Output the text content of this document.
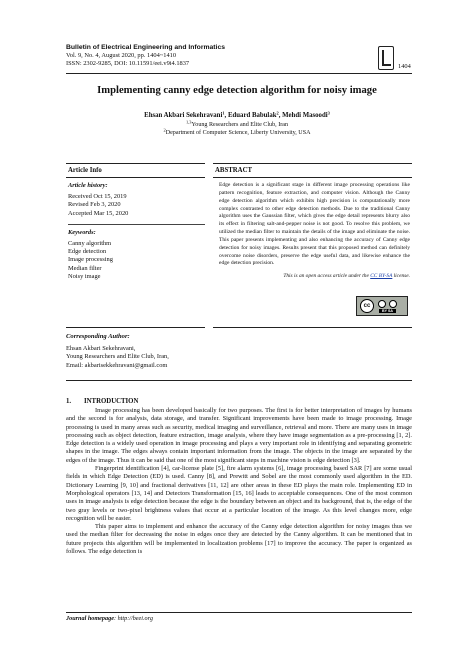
Bulletin of Electrical Engineering and Informatics
Vol. 9, No. 4, August 2020, pp. 1404~1410
ISSN: 2302-9285, DOI: 10.11591/eei.v9i4.1837	1404
Implementing canny edge detection algorithm for noisy image
Ehsan Akbari Sekehravani$^1$, Eduard Babulak$^2$, Mehdi Masoodi$^3$
$^{1,3}$Young Researchers and Elite Club, Iran
$^2$Department of Computer Science, Liberty University, USA
Article Info
Article history:
Received Oct 15, 2019
Revised Feb 3, 2020
Accepted Mar 15, 2020
Keywords:
Canny algorithm
Edge detection
Image processing
Median filter
Noisy image
ABSTRACT
Edge detection is a significant stage in different image processing operations like pattern recognition, feature extraction, and computer vision. Although the Canny edge detection algorithm which exhibits high precision is computationally more complex contrasted to other edge detection methods. Due to the traditional Canny algorithm uses the Gaussian filter, which gives the edge detail represents blurry also its effect in filtering salt-and-pepper noise is not good. To resolve this problem, we utilized the median filter to maintain the details of the image and eliminate the noise. This paper presents implementing and also enhancing the accuracy of Canny edge detection for noisy images. Results present that this proposed method can definitely overcome noise disorders, preserve the edge useful data, and likewise enhance the edge detection precision.
This is an open access article under the CC BY-SA license.
cc
BY SA
Corresponding Author:
Ehsan Akbari Sekehravani,
Young Researchers and Elite Club, Iran,
Email: akbarisekkehravani@gmail.com
1. INTRODUCTION

Image processing has been developed basically for two purposes. The first is for better interpretation of images by humans and the second is for analysis, data storage, and transfer. Significant improvements have been made to image processing. Image processing is used in many areas such as security, medical imaging and surveillance, retrieval and more. There are many uses in image processing such as object detection, feature extraction, image analysis, where they have image segmentation as a pre-processing [1, 2]. Edge detection is a widely used operation in image processing and plays a very important role in identifying and separating geometric shapes in the image. The edges always contain important information from the image. The objects in the image are separated by the edges of the image. Thus it can be said that one of the most significant steps in machine vision is edge detection [3].

Fingerprint identification [4], car-license plate [5], fire alarm systems [6], image processing based SAR [7] are some usual fields in which Edge Detection (ED) is used. Canny [8], and Prewitt and Sobel are the most commonly used algorithm in the ED. Dictionary Learning [9, 10] and fractional derivatives [11, 12] are other areas in these ED plays the main role. Implementing ED in Morphological operators [13, 14] and Detectors Transformation [15, 16] leads to acceptable consequences. One of the most common uses in image analysis is edge detection because the edge is the boundary between an object and its background, that is, the edge of the two gray levels or two-pixel brightness values that occur at a particular location of the image. As this level changes more, edge recognition will be easier.

This paper aims to implement and enhance the accuracy of the Canny edge detection algorithm for noisy images thus we used the median filter for decreasing the noise in edges once they are detected by the Canny algorithm. It can be mentioned that in future projects this algorithm will be implemented in localization problems [17] to improve the accuracy. The paper is organized as follows. The edge detection is

Journal homepage: http://beei.org
